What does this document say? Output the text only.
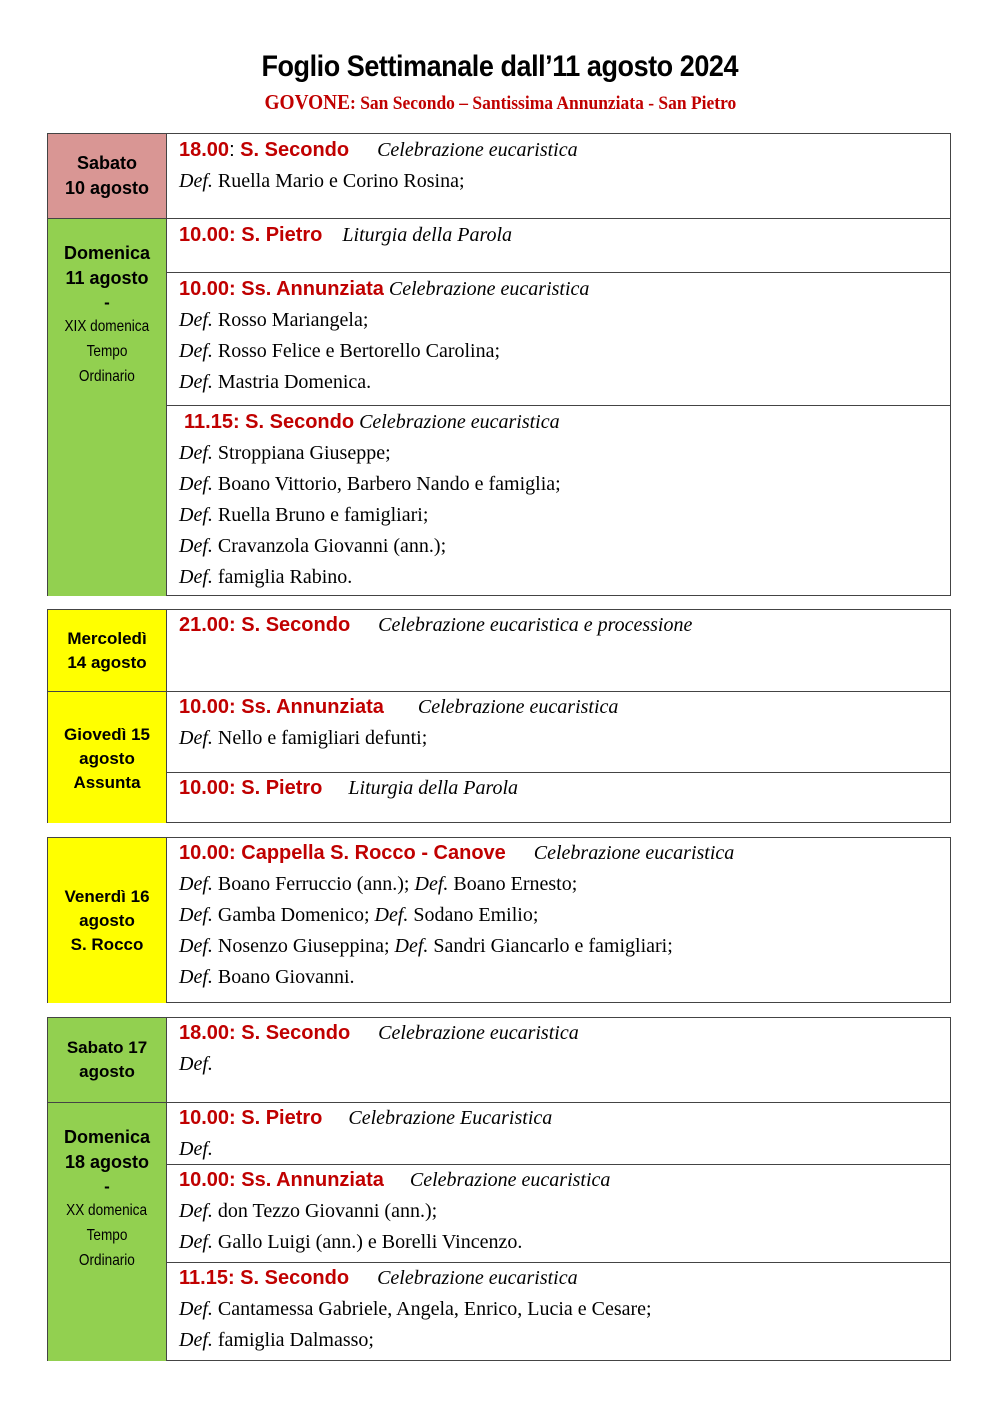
Foglio Settimanale dall’11 agosto 2024
GOVONE: San Secondo – Santissima Annunziata - San Pietro
Sabato
10 agosto
18.00: S. Secondo Celebrazione eucaristica
Def. Ruella Mario e Corino Rosina;
Domenica
11 agosto
-
XIX domenica
Tempo
Ordinario
10.00: S. Pietro Liturgia della Parola
10.00: Ss. Annunziata Celebrazione eucaristica
Def. Rosso Mariangela;
Def. Rosso Felice e Bertorello Carolina;
Def. Mastria Domenica.
11.15: S. Secondo Celebrazione eucaristica
Def. Stroppiana Giuseppe;
Def. Boano Vittorio, Barbero Nando e famiglia;
Def. Ruella Bruno e famigliari;
Def. Cravanzola Giovanni (ann.);
Def. famiglia Rabino.
Mercoledì
14 agosto
21.00: S. Secondo Celebrazione eucaristica e processione
Giovedì 15
agosto
Assunta
10.00: Ss. Annunziata Celebrazione eucaristica
Def. Nello e famigliari defunti;
10.00: S. Pietro Liturgia della Parola
Venerdì 16
agosto
S. Rocco
10.00: Cappella S. Rocco - Canove Celebrazione eucaristica
Def. Boano Ferruccio (ann.); Def. Boano Ernesto;
Def. Gamba Domenico; Def. Sodano Emilio;
Def. Nosenzo Giuseppina; Def. Sandri Giancarlo e famigliari;
Def. Boano Giovanni.
Sabato 17
agosto
18.00: S. Secondo Celebrazione eucaristica
Def.
Domenica
18 agosto
-
XX domenica
Tempo
Ordinario
10.00: S. Pietro Celebrazione Eucaristica
Def.
10.00: Ss. Annunziata Celebrazione eucaristica
Def. don Tezzo Giovanni (ann.);
Def. Gallo Luigi (ann.) e Borelli Vincenzo.
11.15: S. Secondo Celebrazione eucaristica
Def. Cantamessa Gabriele, Angela, Enrico, Lucia e Cesare;
Def. famiglia Dalmasso;
